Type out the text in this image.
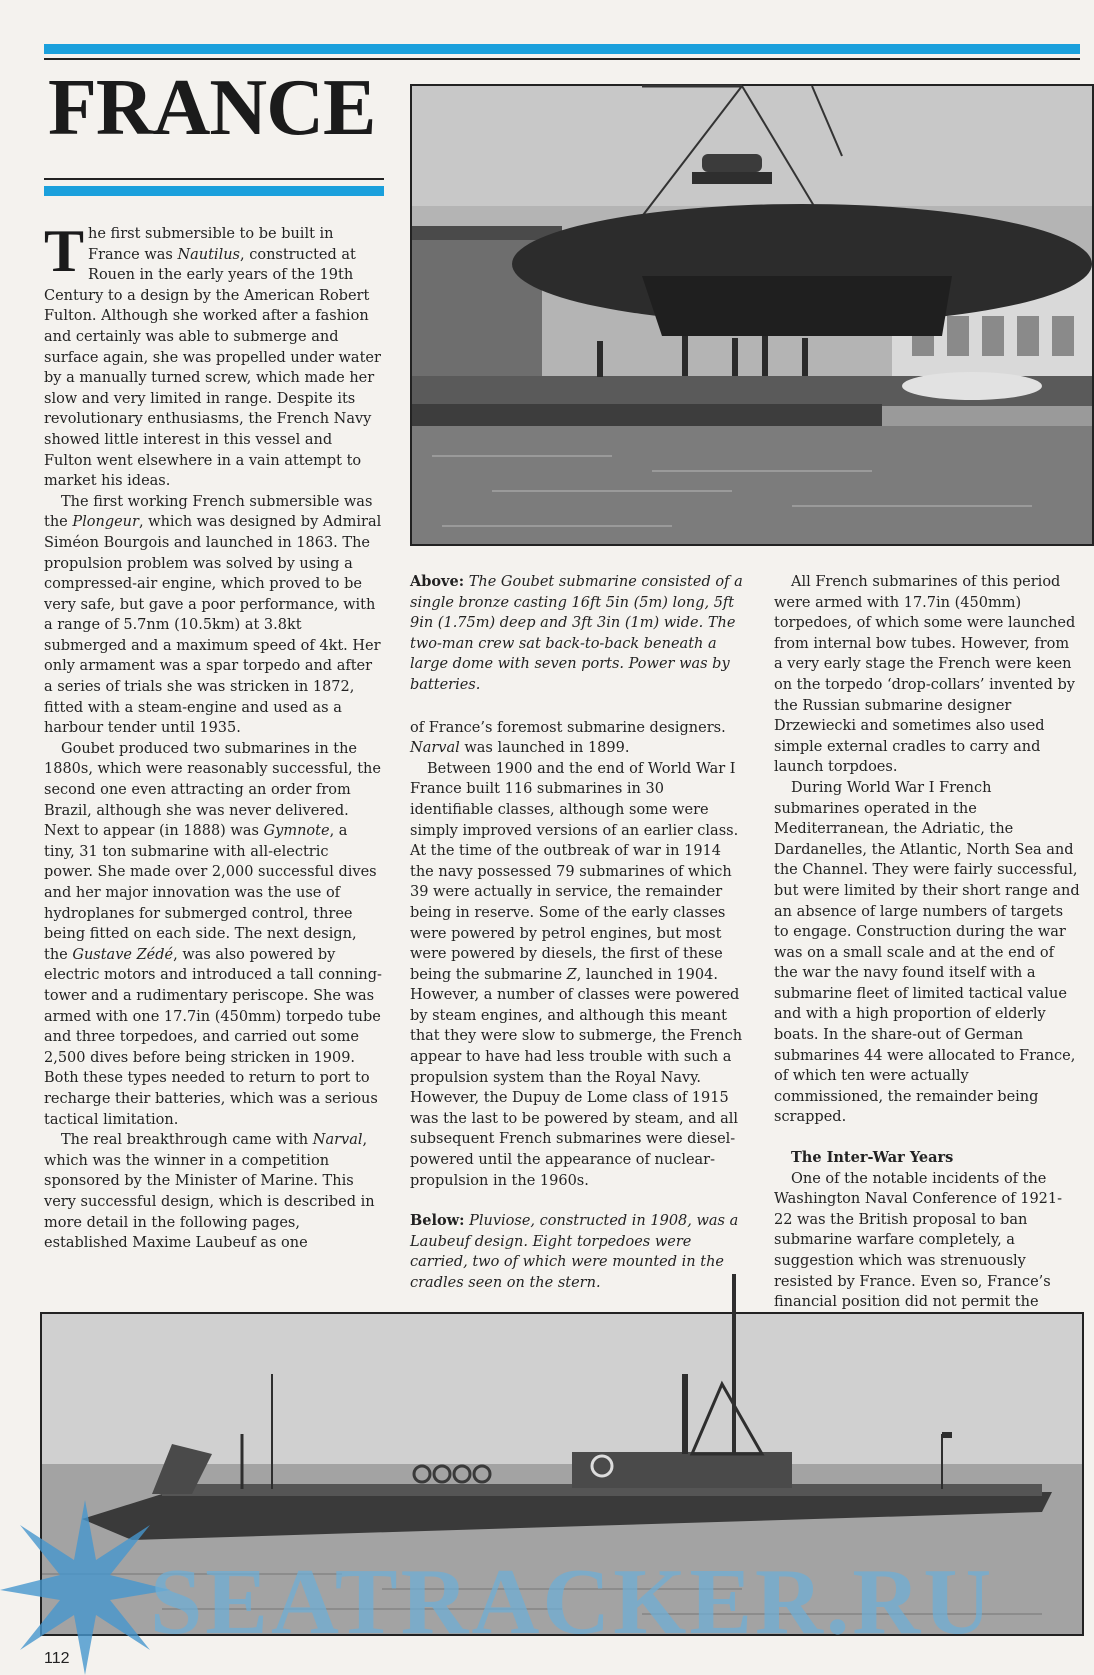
FRANCE

The first submersible to be built in France was Nautilus, constructed at Rouen in the early years of the 19th Century to a design by the American Robert Fulton. Although she worked after a fashion and certainly was able to submerge and surface again, she was propelled under water by a manually turned screw, which made her slow and very limited in range. Despite its revolutionary enthusiasms, the French Navy showed little interest in this vessel and Fulton went elsewhere in a vain attempt to market his ideas.

The first working French submersible was the Plongeur, which was designed by Admiral Siméon Bourgois and launched in 1863. The propulsion problem was solved by using a compressed-air engine, which proved to be very safe, but gave a poor performance, with a range of 5.7nm (10.5km) at 3.8kt submerged and a maximum speed of 4kt. Her only armament was a spar torpedo and after a series of trials she was stricken in 1872, fitted with a steam-engine and used as a harbour tender until 1935.

Goubet produced two submarines in the 1880s, which were reasonably successful, the second one even attracting an order from Brazil, although she was never delivered. Next to appear (in 1888) was Gymnote, a tiny, 31 ton submarine with all-electric power. She made over 2,000 successful dives and her major innovation was the use of hydroplanes for submerged control, three being fitted on each side. The next design, the Gustave Zédé, was also powered by electric motors and introduced a tall conning-tower and a rudimentary periscope. She was armed with one 17.7in (450mm) torpedo tube and three torpedoes, and carried out some 2,500 dives before being stricken in 1909. Both these types needed to return to port to recharge their batteries, which was a serious tactical limitation.

The real breakthrough came with Narval, which was the winner in a competition sponsored by the Minister of Marine. This very successful design, which is described in more detail in the following pages, established Maxime Laubeuf as one

Above: The Goubet submarine consisted of a single bronze casting 16ft 5in (5m) long, 5ft 9in (1.75m) deep and 3ft 3in (1m) wide. The two-man crew sat back-to-back beneath a large dome with seven ports. Power was by batteries.

of France’s foremost submarine designers. Narval was launched in 1899.

Between 1900 and the end of World War I France built 116 submarines in 30 identifiable classes, although some were simply improved versions of an earlier class. At the time of the outbreak of war in 1914 the navy possessed 79 submarines of which 39 were actually in service, the remainder being in reserve. Some of the early classes were powered by petrol engines, but most were powered by diesels, the first of these being the submarine Z, launched in 1904. However, a number of classes were powered by steam engines, and although this meant that they were slow to submerge, the French appear to have had less trouble with such a propulsion system than the Royal Navy. However, the Dupuy de Lome class of 1915 was the last to be powered by steam, and all subsequent French submarines were diesel-powered until the appearance of nuclear-propulsion in the 1960s.

Below: Pluviose, constructed in 1908, was a Laubeuf design. Eight torpedoes were carried, two of which were mounted in the cradles seen on the stern.

All French submarines of this period were armed with 17.7in (450mm) torpedoes, of which some were launched from internal bow tubes. However, from a very early stage the French were keen on the torpedo ‘drop-collars’ invented by the Russian submarine designer Drzewiecki and sometimes also used simple external cradles to carry and launch torpdoes.

During World War I French submarines operated in the Mediterranean, the Adriatic, the Dardanelles, the Atlantic, North Sea and the Channel. They were fairly successful, but were limited by their short range and an absence of large numbers of targets to engage. Construction during the war was on a small scale and at the end of the war the navy found itself with a submarine fleet of limited tactical value and with a high proportion of elderly boats. In the share-out of German submarines 44 were allocated to France, of which ten were actually commissioned, the remainder being scrapped.

The Inter-War Years

One of the notable incidents of the Washington Naval Conference of 1921-22 was the British proposal to ban submarine warfare completely, a suggestion which was strenuously resisted by France. Even so, France’s financial position did not permit the

SEATRACKER.RU
112
